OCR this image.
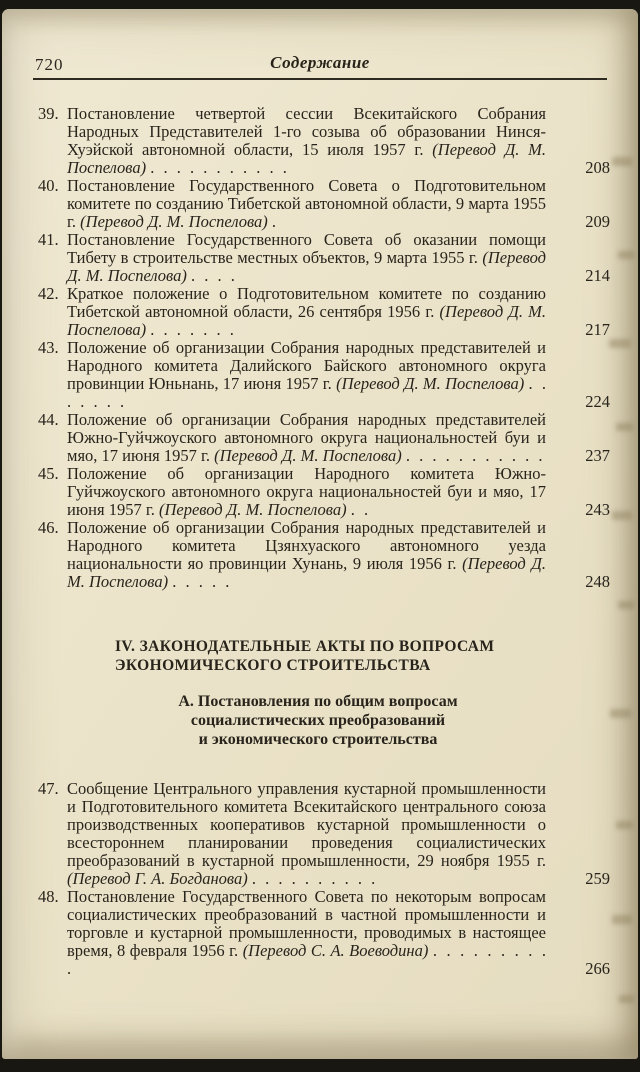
720	Содержание
39. Постановление четвертой сессии Всекитайского Собрания Народных Представителей 1-го созыва об образовании Нинся-Хуэйской автономной области, 15 июля 1957 г. (Перевод Д. М. Поспелова) . . . . . . . . . . .	208
40. Постановление Государственного Совета о Подготовительном комитете по созданию Тибетской автономной области, 9 марта 1955 г. (Перевод Д. М. Поспелова) .	209
41. Постановление Государственного Совета об оказании помощи Тибету в строительстве местных объектов, 9 марта 1955 г. (Перевод Д. М. Поспелова) . . . .	214
42. Краткое положение о Подготовительном комитете по созданию Тибетской автономной области, 26 сентября 1956 г. (Перевод Д. М. Поспелова) . . . . . . .	217
43. Положение об организации Собрания народных представителей и Народного комитета Далийского Байского автономного округа провинции Юньнань, 17 июня 1957 г. (Перевод Д. М. Поспелова) . . . . . . .	224
44. Положение об организации Собрания народных представителей Южно-Гуйчжоуского автономного округа национальностей буи и мяо, 17 июня 1957 г. (Перевод Д. М. Поспелова) . . . . . . . . . . .	237
45. Положение об организации Народного комитета Южно-Гуйчжоуского автономного округа национальностей буи и мяо, 17 июня 1957 г. (Перевод Д. М. Поспелова) . .	243
46. Положение об организации Собрания народных представителей и Народного комитета Цзянхуаского автономного уезда национальности яо провинции Хунань, 9 июля 1956 г. (Перевод Д. М. Поспелова) . . . . .	248
IV. ЗАКОНОДАТЕЛЬНЫЕ АКТЫ ПО ВОПРОСАМ
ЭКОНОМИЧЕСКОГО СТРОИТЕЛЬСТВА
А. Постановления по общим вопросам
социалистических преобразований
и экономического строительства
47. Сообщение Центрального управления кустарной промышленности и Подготовительного комитета Всекитайского центрального союза производственных кооперативов кустарной промышленности о всестороннем планировании проведения социалистических преобразований в кустарной промышленности, 29 ноября 1955 г. (Перевод Г. А. Богданова) . . . . . . . . . .	259
48. Постановление Государственного Совета по некоторым вопросам социалистических преобразований в частной промышленности и торговле и кустарной промышленности, проводимых в настоящее время, 8 февраля 1956 г. (Перевод С. А. Воеводина) . . . . . . . . . .	266
